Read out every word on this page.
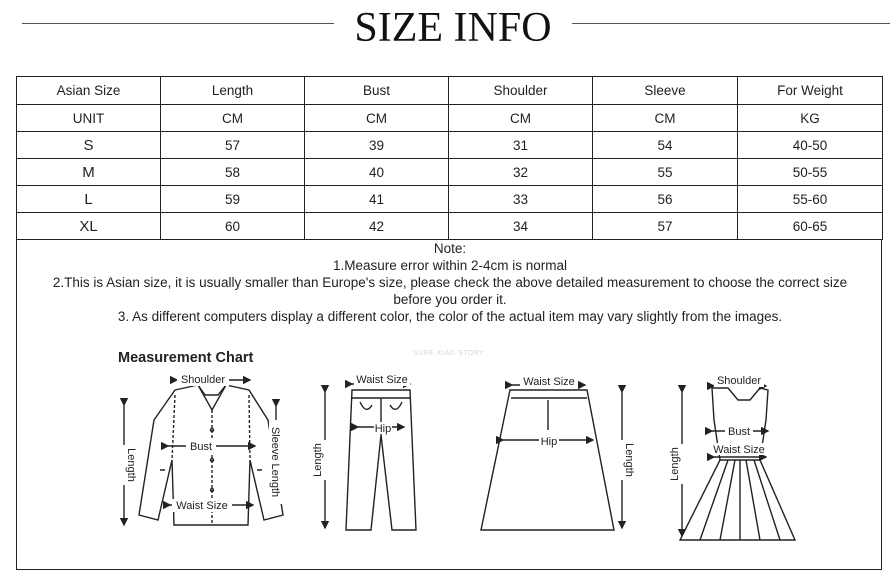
SIZE INFO
Asian Size	Length	Bust	Shoulder	Sleeve	For Weight
UNIT	CM	CM	CM	CM	KG
S	57	39	31	54	40-50
M	58	40	32	55	50-55
L	59	41	33	56	55-60
XL	60	42	34	57	60-65
Note:
1.Measure error within 2-4cm is normal
2.This is Asian size, it is usually smaller than Europe's size, please check the above detailed measurement to choose the correct size
before you order it.
3. As different computers display a different color, the color of the actual item may vary slightly from the images.
Measurement Chart	SURE XIAO STORY
Shoulder
Bust
Waist Size
Length	Sleeve Length
Waist Size
Hip
Length
Waist Size
Hip
Length
Shoulder
Bust
Waist Size
Length
